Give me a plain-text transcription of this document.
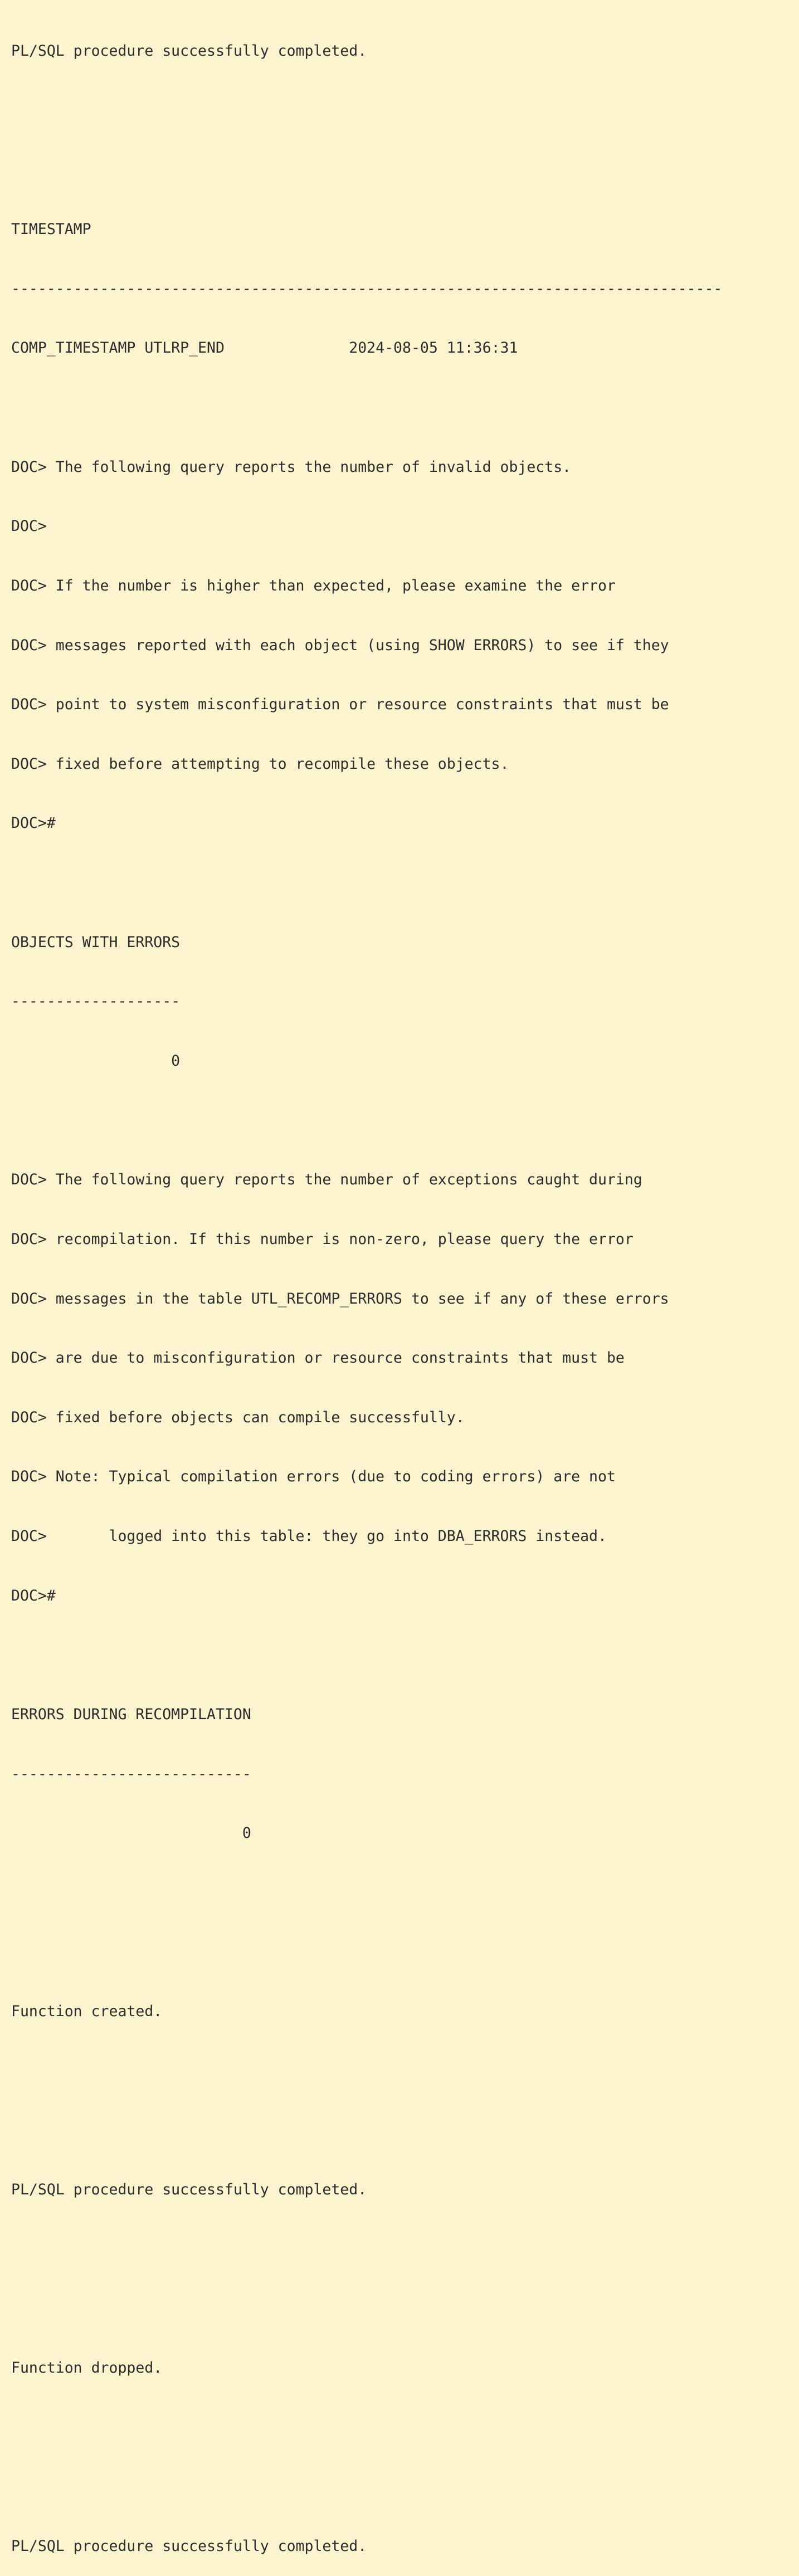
PL/SQL procedure successfully completed.

TIMESTAMP

--------------------------------------------------------------------------------

COMP_TIMESTAMP UTLRP_END              2024-08-05 11:36:31

DOC> The following query reports the number of invalid objects.

DOC>

DOC> If the number is higher than expected, please examine the error

DOC> messages reported with each object (using SHOW ERRORS) to see if they

DOC> point to system misconfiguration or resource constraints that must be

DOC> fixed before attempting to recompile these objects.

DOC>#

OBJECTS WITH ERRORS

-------------------

0

DOC> The following query reports the number of exceptions caught during

DOC> recompilation. If this number is non-zero, please query the error

DOC> messages in the table UTL_RECOMP_ERRORS to see if any of these errors

DOC> are due to misconfiguration or resource constraints that must be

DOC> fixed before objects can compile successfully.

DOC> Note: Typical compilation errors (due to coding errors) are not

DOC>       logged into this table: they go into DBA_ERRORS instead.

DOC>#

ERRORS DURING RECOMPILATION

---------------------------

0

Function created.

PL/SQL procedure successfully completed.

Function dropped.

PL/SQL procedure successfully completed.
